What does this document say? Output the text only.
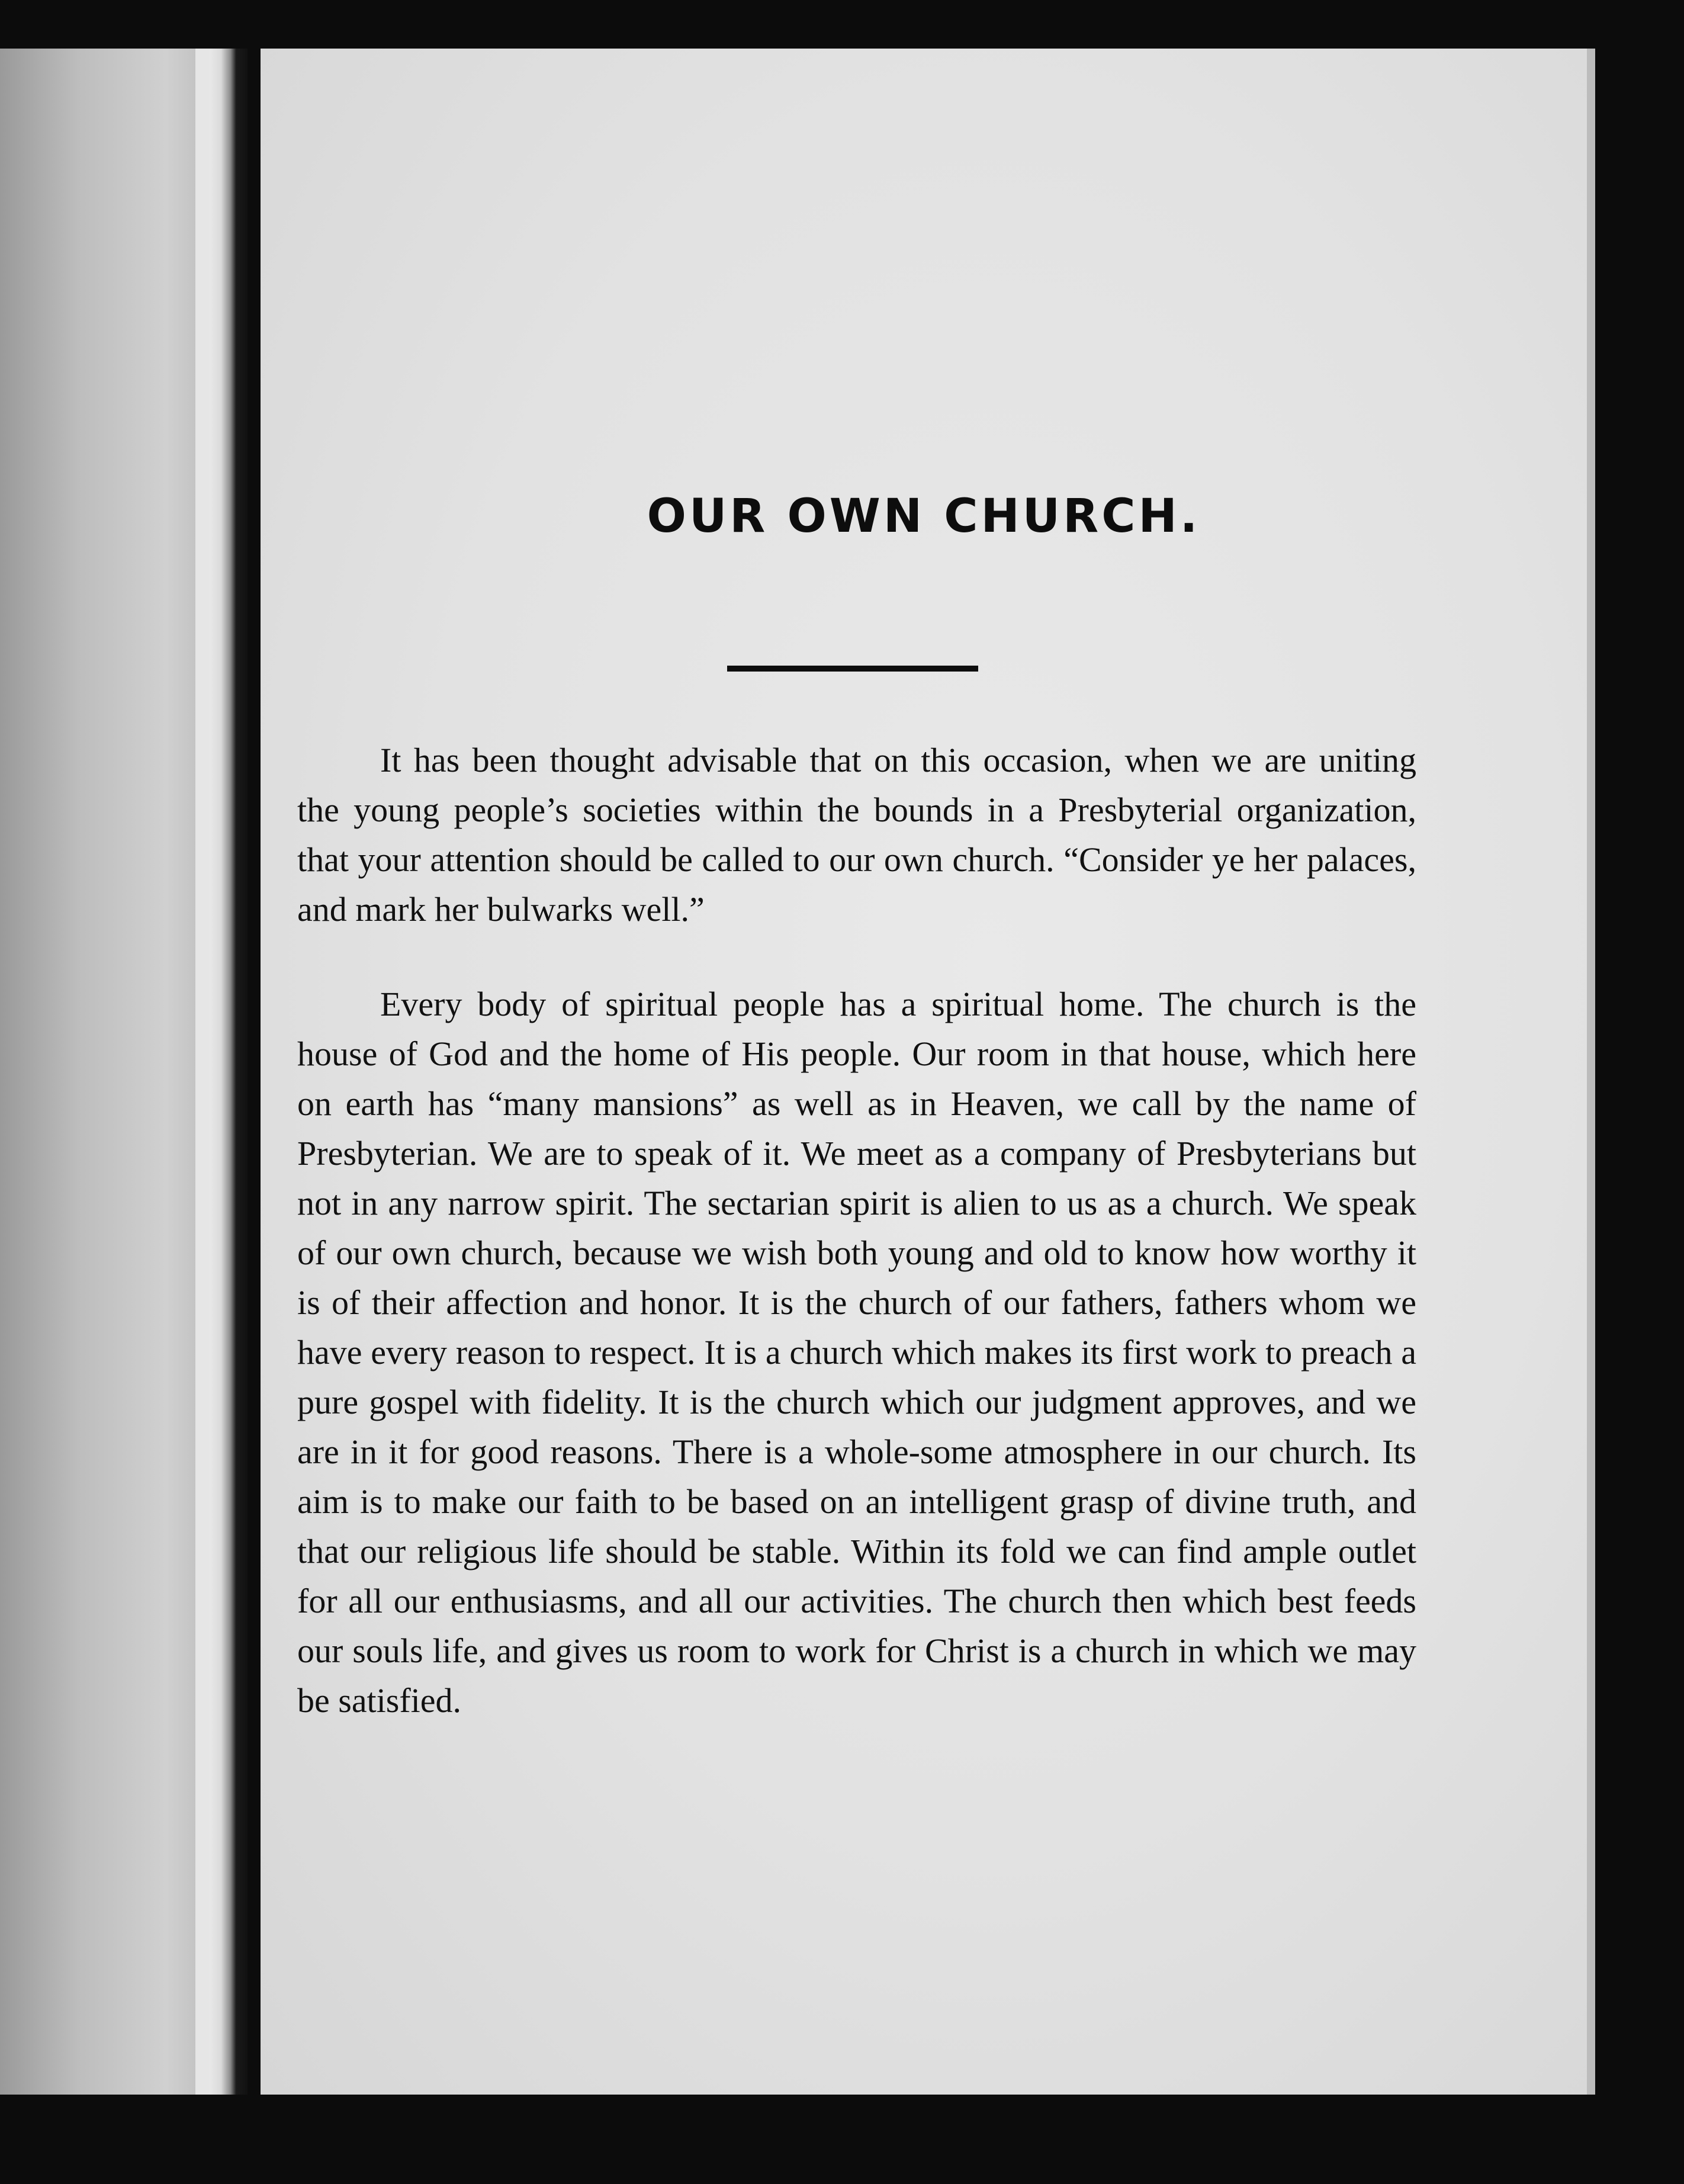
OUR OWN CHURCH.

It has been thought advisable that on this occasion, when we are uniting the young people’s societies within the bounds in a Presbyterial organization, that your attention should be called to our own church. “Consider ye her palaces, and mark her bulwarks well.”

Every body of spiritual people has a spiritual home. The church is the house of God and the home of His people. Our room in that house, which here on earth has “many mansions” as well as in Heaven, we call by the name of Presbyterian. We are to speak of it. We meet as a company of Presbyterians but not in any narrow spirit. The sectarian spirit is alien to us as a church. We speak of our own church, because we wish both young and old to know how worthy it is of their affection and honor. It is the church of our fathers, fathers whom we have every reason to respect. It is a church which makes its first work to preach a pure gospel with fidelity. It is the church which our judgment approves, and we are in it for good reasons. There is a whole-some atmosphere in our church. Its aim is to make our faith to be based on an intelligent grasp of divine truth, and that our religious life should be stable. Within its fold we can find ample outlet for all our enthusiasms, and all our activities. The church then which best feeds our souls life, and gives us room to work for Christ is a church in which we may be satisfied.
